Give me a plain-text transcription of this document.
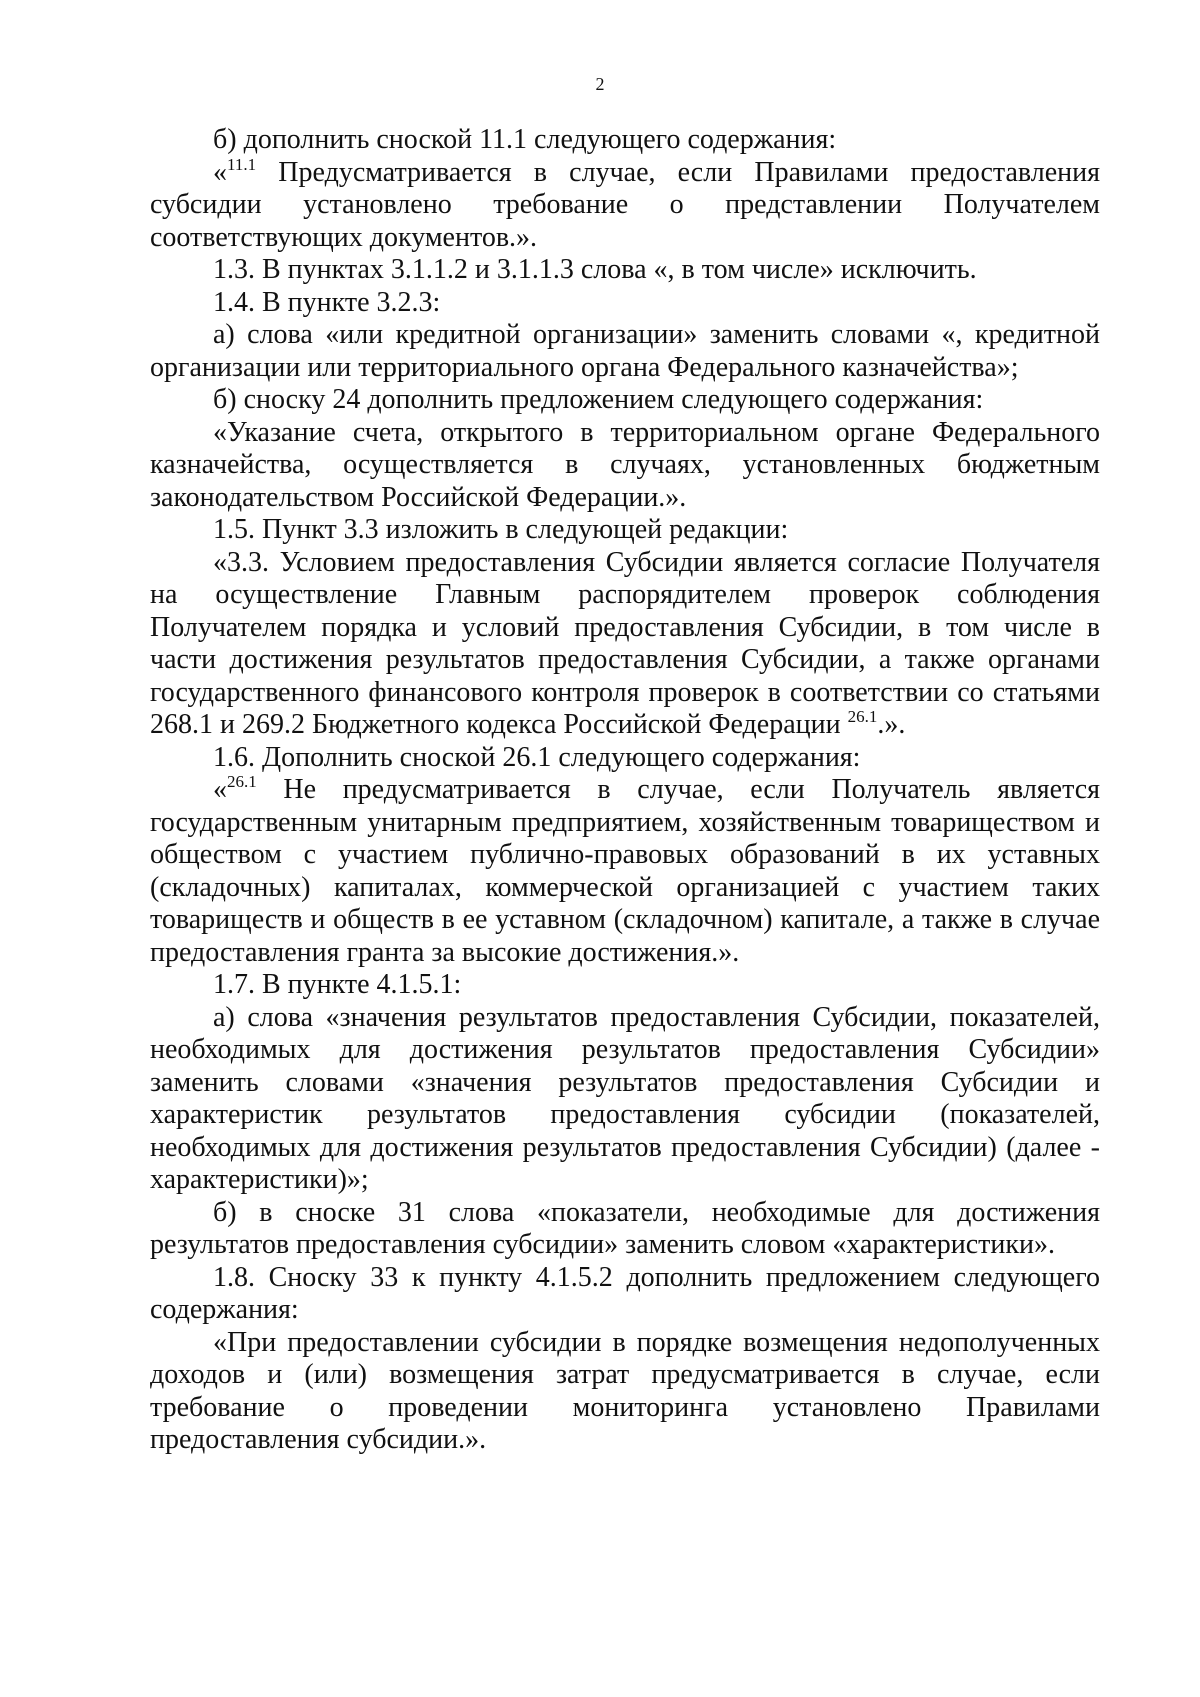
2

б) дополнить сноской 11.1 следующего содержания:

«$^{11.1}$ Предусматривается в случае, если Правилами предоставления субсидии установлено требование о представлении Получателем соответствующих документов.».

1.3. В пунктах 3.1.1.2 и 3.1.1.3 слова «, в том числе» исключить.

1.4. В пункте 3.2.3:

а) слова «или кредитной организации» заменить словами «, кредитной организации или территориального органа Федерального казначейства»;

б) сноску 24 дополнить предложением следующего содержания:

«Указание счета, открытого в территориальном органе Федерального казначейства, осуществляется в случаях, установленных бюджетным законодательством Российской Федерации.».

1.5. Пункт 3.3 изложить в следующей редакции:

«3.3. Условием предоставления Субсидии является согласие Получателя на осуществление Главным распорядителем проверок соблюдения Получателем порядка и условий предоставления Субсидии, в том числе в части достижения результатов предоставления Субсидии, а также органами государственного финансового контроля проверок в соответствии со статьями 268.1 и 269.2 Бюджетного кодекса Российской Федерации $^{26.1}$.».

1.6. Дополнить сноской 26.1 следующего содержания:

«$^{26.1}$ Не предусматривается в случае, если Получатель является государственным унитарным предприятием, хозяйственным товариществом и обществом с участием публично-правовых образований в их уставных (складочных) капиталах, коммерческой организацией с участием таких товариществ и обществ в ее уставном (складочном) капитале, а также в случае предоставления гранта за высокие достижения.».

1.7. В пункте 4.1.5.1:

а) слова «значения результатов предоставления Субсидии, показателей, необходимых для достижения результатов предоставления Субсидии» заменить словами «значения результатов предоставления Субсидии и характеристик результатов предоставления субсидии (показателей, необходимых для достижения результатов предоставления Субсидии) (далее - характеристики)»;

б) в сноске 31 слова «показатели, необходимые для достижения результатов предоставления субсидии» заменить словом «характеристики».

1.8. Сноску 33 к пункту 4.1.5.2 дополнить предложением следующего содержания:

«При предоставлении субсидии в порядке возмещения недополученных доходов и (или) возмещения затрат предусматривается в случае, если требование о проведении мониторинга установлено Правилами предоставления субсидии.».
